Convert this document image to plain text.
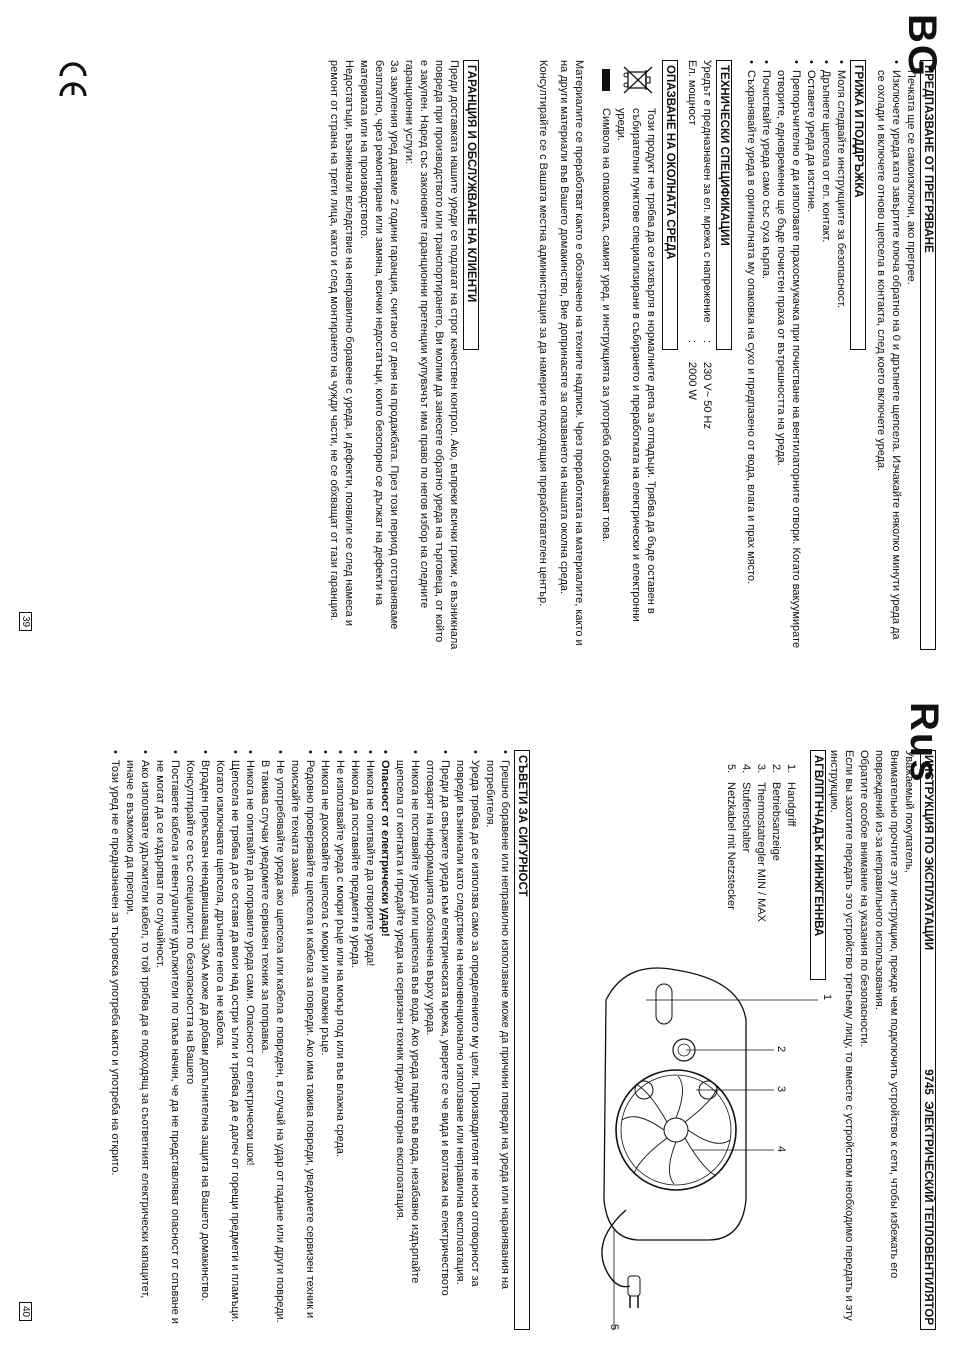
BG
ПРЕДПАЗВАНЕ ОТ ПРЕГРЯВАНЕ
• Печката ще се самоизключи, ако прегрее.
• Изключете уреда като завъртите ключа обратно на 0 и дръпнете щепсела. Изчакайте няколко минути уреда да се охлади и включете отново щепсела в контакта, след което включете уреда.
ГРИЖА И ПОДДРЪЖКА
• Моля следвайте инструкциите за безопасност.
• Дръпнете щепсела от ел. контакт.
• Оставете уреда да изстине.
• Препоръчително е да използвате прахосмукачка при почистване на вентилаторните отвори. Когато вакуумирате отворите, едновременно ще бъде почистен праха от вътрешността на уреда.
• Почиствайте уреда само със суха кърпа.
• Съхранявайте уреда в оригиналната му опаковка на сухо и предпазено от вода, влага и прах място.
ТЕХНИЧЕСКИ СПЕЦИФИКАЦИИ
Уредът е предназначен за ел. мрежа с напрежение
:
230 V~ 50 Hz
Ел. мощност
:
2000 W
ОПАЗВАНЕ НА ОКОЛНАТА СРЕДА

Този продукт не трябва да се изхвърля в нормалните депа за отпадъци. Трябва да бъде оставен в събирателни пунктове специализирани в събирането и преработката на електрически и електронни уреди.

Символа на опаковката, самият уред, и инструкцията за употреба обозначават това.

Материалите се преработват както е обозначено на техните надписи. Чрез преработката на материалите, както и на други материали във Вашето домакинство, Вие допринасяте за опазването на нашата околна среда.

Консултирайте се с Вашата местна администрация за да намерите подходящия преработвателен център.

ГАРАНЦИЯ И ОБСЛУЖВАНЕ НА КЛИЕНТИ

Преди доставката нашите уреди се подлагат на строг качествен контрол. Ако, въпреки всички грижи, е възникнала повреда при производството или транспортирането, Ви молим да занесете обратно уреда на търговеца, от който е закупен. Наред със законовите гаранционни претенции купувачът има право по негов избор на следните гаранционни услуги:

За закупения уред даваме 2 години гаранция, считано от деня на продажбата. През този период отстраняваме безплатно, чрез ремонтиране или замяна, всички недостатъци, които безспорно се дължат на дефекти на материала или на производството.

Недостатъци, възникнали вследствие на неправилно боравене с уреда, и дефекти, появили се след намеса и ремонт от страна на трети лица, както и след монтирането на чужди части, не се обхващат от тази гаранция.

39
Rus
ИНСТРУКЦИЯ ПО ЭКСПЛУАТАЦИИ
9745  ЭЛЕКТРИЧЕСКИЙ ТЕПЛОВЕНТИЛЯТОР

Уважаемый покупатель,

Внимательно прочтите эту инструкцию, прежде чем подключить устройство к сети, чтобы избежать его повреждений из-за неправильного использования.

Обратите особое внимание на указания по безопасности.

Если вы захотите передать это устройство третьему лицу, то вместе с устройством необходимо передать и эту инструкцию.

АГВЛПГНЧАДЪК НИНЖГЕННВА
1.
Handgriff
2.
Betriebsanzeige
3.
Thermostatregler MIN / MAX
4.
Stufenschalter
5.
Netzkabel mit Netzstecker
1
2
3
4
5
СЪВЕТИ ЗА СИГУРНОСТ
• Грешно боравене или неправилно използване може да причини повреди на уреда или наранявания на потребителя.
• Уреда трябва да се използва само за определението му цели. Производителят не носи отговорност за повреди възникнали като следствие на неконвенционално използване или неправилна експлоатация.
• Преди да свържете уреда към електрическата мрежа, уверете се че вида и волтажа на електричеството отговарят на информацията обозначена върху уреда.
• Никога не поставяйте уреда или щепсела във вода. Ако уреда падне във вода, незабавно издърпайте щепсела от контакта и предайте уреда на сервизен техник преди повторна експлоатация.
• Опасност от електрически удар!
• Никога не опитвайте да отворите уреда!
• Никога да поставяйте предмети в уреда.
• Не използвайте уреда с мокри ръце или на мокър под или във влажна среда.
• Никога не докосвайте щепсела с мокри или влажни ръце.
• Редовно проверявайте щепсела и кабела за повреди. Ако има такива повреди, уведомете сервизен техник и поискайте техната замяна.
• Не употребявайте уреда ако щепсела или кабела е повреден, в случай на удар от падане или други повреди. В такива случаи уведомете сервизен техник за поправка.
• Никога не опитвайте да поправите уреда сами. Опасност от електрически шок!
• Щепсела не трябва да се оставя да виси над остри ъгли и трябва да е далеч от горещи предмети и пламъци. Когато изключвате щепсела, дръпнете него а не кабела.
• Вграден прекъсвач ненадвишаващ 30мА може да добави допълнителна защита на Вашето домакинство. Консултирайте се със специалист по безопасността на Вашето
• Поставете кабела и евентуалните удължители по такъв начин, че да не представляват опасност от спъване и не могат да се издърпват по случайност.
• Ако използвате удължители кабел, то той трябва да е подходящ за съответният електрически капацитет, иначе е възможно да прегори.
• Този уред не е предназначен за търговска употреба както и употреба на открито.
40
